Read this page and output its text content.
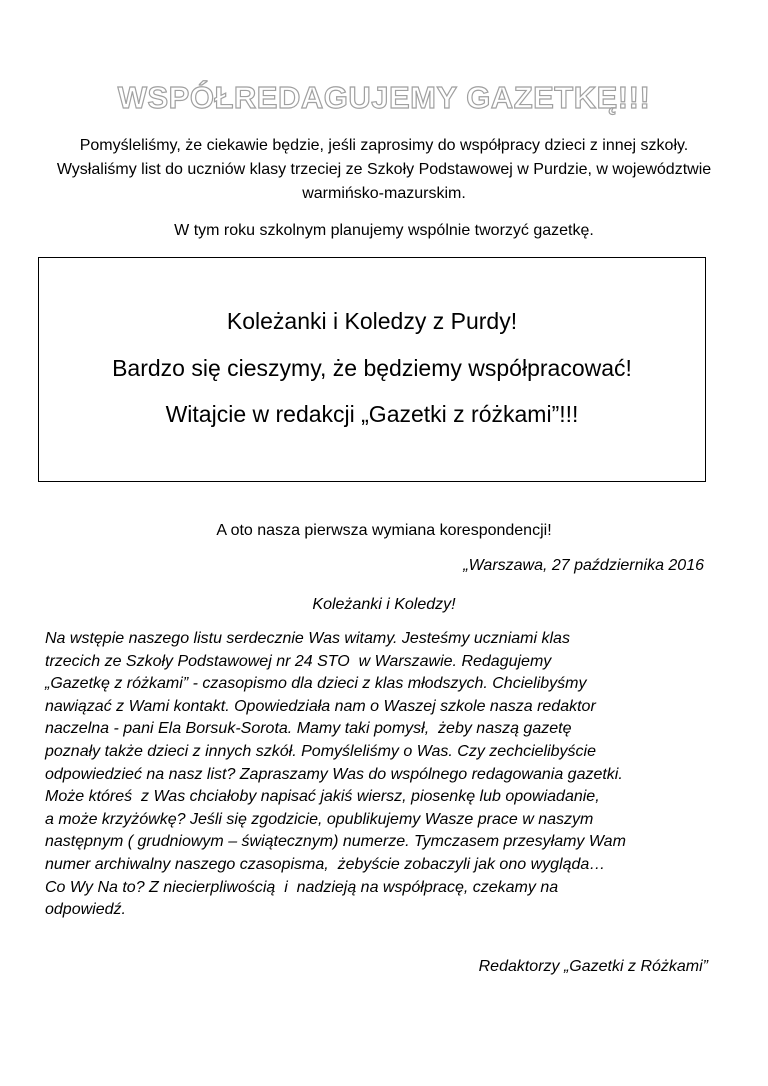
WSPÓŁREDAGUJEMY GAZETKĘ!!!
Pomyśleliśmy, że ciekawie będzie, jeśli zaprosimy do współpracy dzieci z innej szkoły. Wysłaliśmy list do uczniów klasy trzeciej ze Szkoły Podstawowej w Purdzie, w województwie warmińsko-mazurskim.
W tym roku szkolnym planujemy wspólnie tworzyć gazetkę.
Koleżanki i Koledzy z Purdy!
Bardzo się cieszymy, że będziemy współpracować!
Witajcie w redakcji „Gazetki z różkami”!!!
A oto nasza pierwsza wymiana korespondencji!
„Warszawa, 27 października 2016
Koleżanki i Koledzy!
Na wstępie naszego listu serdecznie Was witamy. Jesteśmy uczniami klas
trzecich ze Szkoły Podstawowej nr 24 STO  w Warszawie. Redagujemy
„Gazetkę z różkami” - czasopismo dla dzieci z klas młodszych. Chcielibyśmy
nawiązać z Wami kontakt. Opowiedziała nam o Waszej szkole nasza redaktor
naczelna - pani Ela Borsuk-Sorota. Mamy taki pomysł,  żeby naszą gazetę
poznały także dzieci z innych szkół. Pomyśleliśmy o Was. Czy zechcielibyście
odpowiedzieć na nasz list? Zapraszamy Was do wspólnego redagowania gazetki.
Może któreś  z Was chciałoby napisać jakiś wiersz, piosenkę lub opowiadanie,
a może krzyżówkę? Jeśli się zgodzicie, opublikujemy Wasze prace w naszym
następnym ( grudniowym – świątecznym) numerze. Tymczasem przesyłamy Wam
numer archiwalny naszego czasopisma,  żebyście zobaczyli jak ono wygląda…
Co Wy Na to? Z niecierpliwością  i  nadzieją na współpracę, czekamy na
odpowiedź.
Redaktorzy „Gazetki z Różkami”
